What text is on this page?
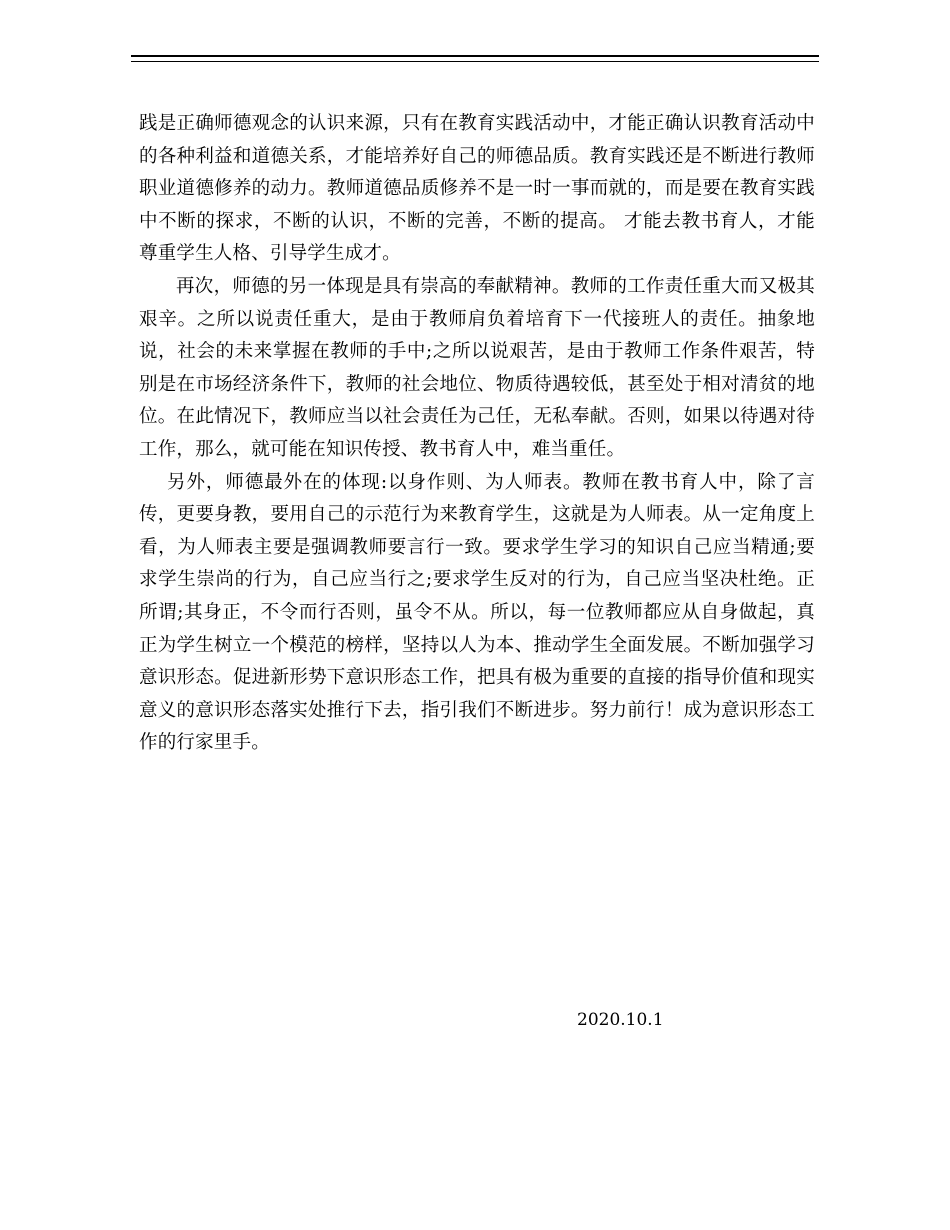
践是正确师德观念的认识来源，只有在教育实践活动中，才能正确认识教育活动中的各种利益和道德关系，才能培养好自己的师德品质。教育实践还是不断进行教师职业道德修养的动力。教师道德品质修养不是一时一事而就的，而是要在教育实践中不断的探求，不断的认识，不断的完善，不断的提高。 才能去教书育人，才能尊重学生人格、引导学生成才。

再次，师德的另一体现是具有崇高的奉献精神。教师的工作责任重大而又极其艰辛。之所以说责任重大，是由于教师肩负着培育下一代接班人的责任。抽象地说，社会的未来掌握在教师的手中;之所以说艰苦，是由于教师工作条件艰苦，特别是在市场经济条件下，教师的社会地位、物质待遇较低，甚至处于相对清贫的地位。在此情况下，教师应当以社会责任为己任，无私奉献。否则，如果以待遇对待工作，那么，就可能在知识传授、教书育人中，难当重任。

另外，师德最外在的体现:以身作则、为人师表。教师在教书育人中，除了言传，更要身教，要用自己的示范行为来教育学生，这就是为人师表。从一定角度上看，为人师表主要是强调教师要言行一致。要求学生学习的知识自己应当精通;要求学生崇尚的行为，自己应当行之;要求学生反对的行为，自己应当坚决杜绝。正所谓;其身正，不令而行否则，虽令不从。所以，每一位教师都应从自身做起，真正为学生树立一个模范的榜样，坚持以人为本、推动学生全面发展。不断加强学习意识形态。促进新形势下意识形态工作，把具有极为重要的直接的指导价值和现实意义的意识形态落实处推行下去，指引我们不断进步。努力前行！成为意识形态工作的行家里手。

2020.10.1
